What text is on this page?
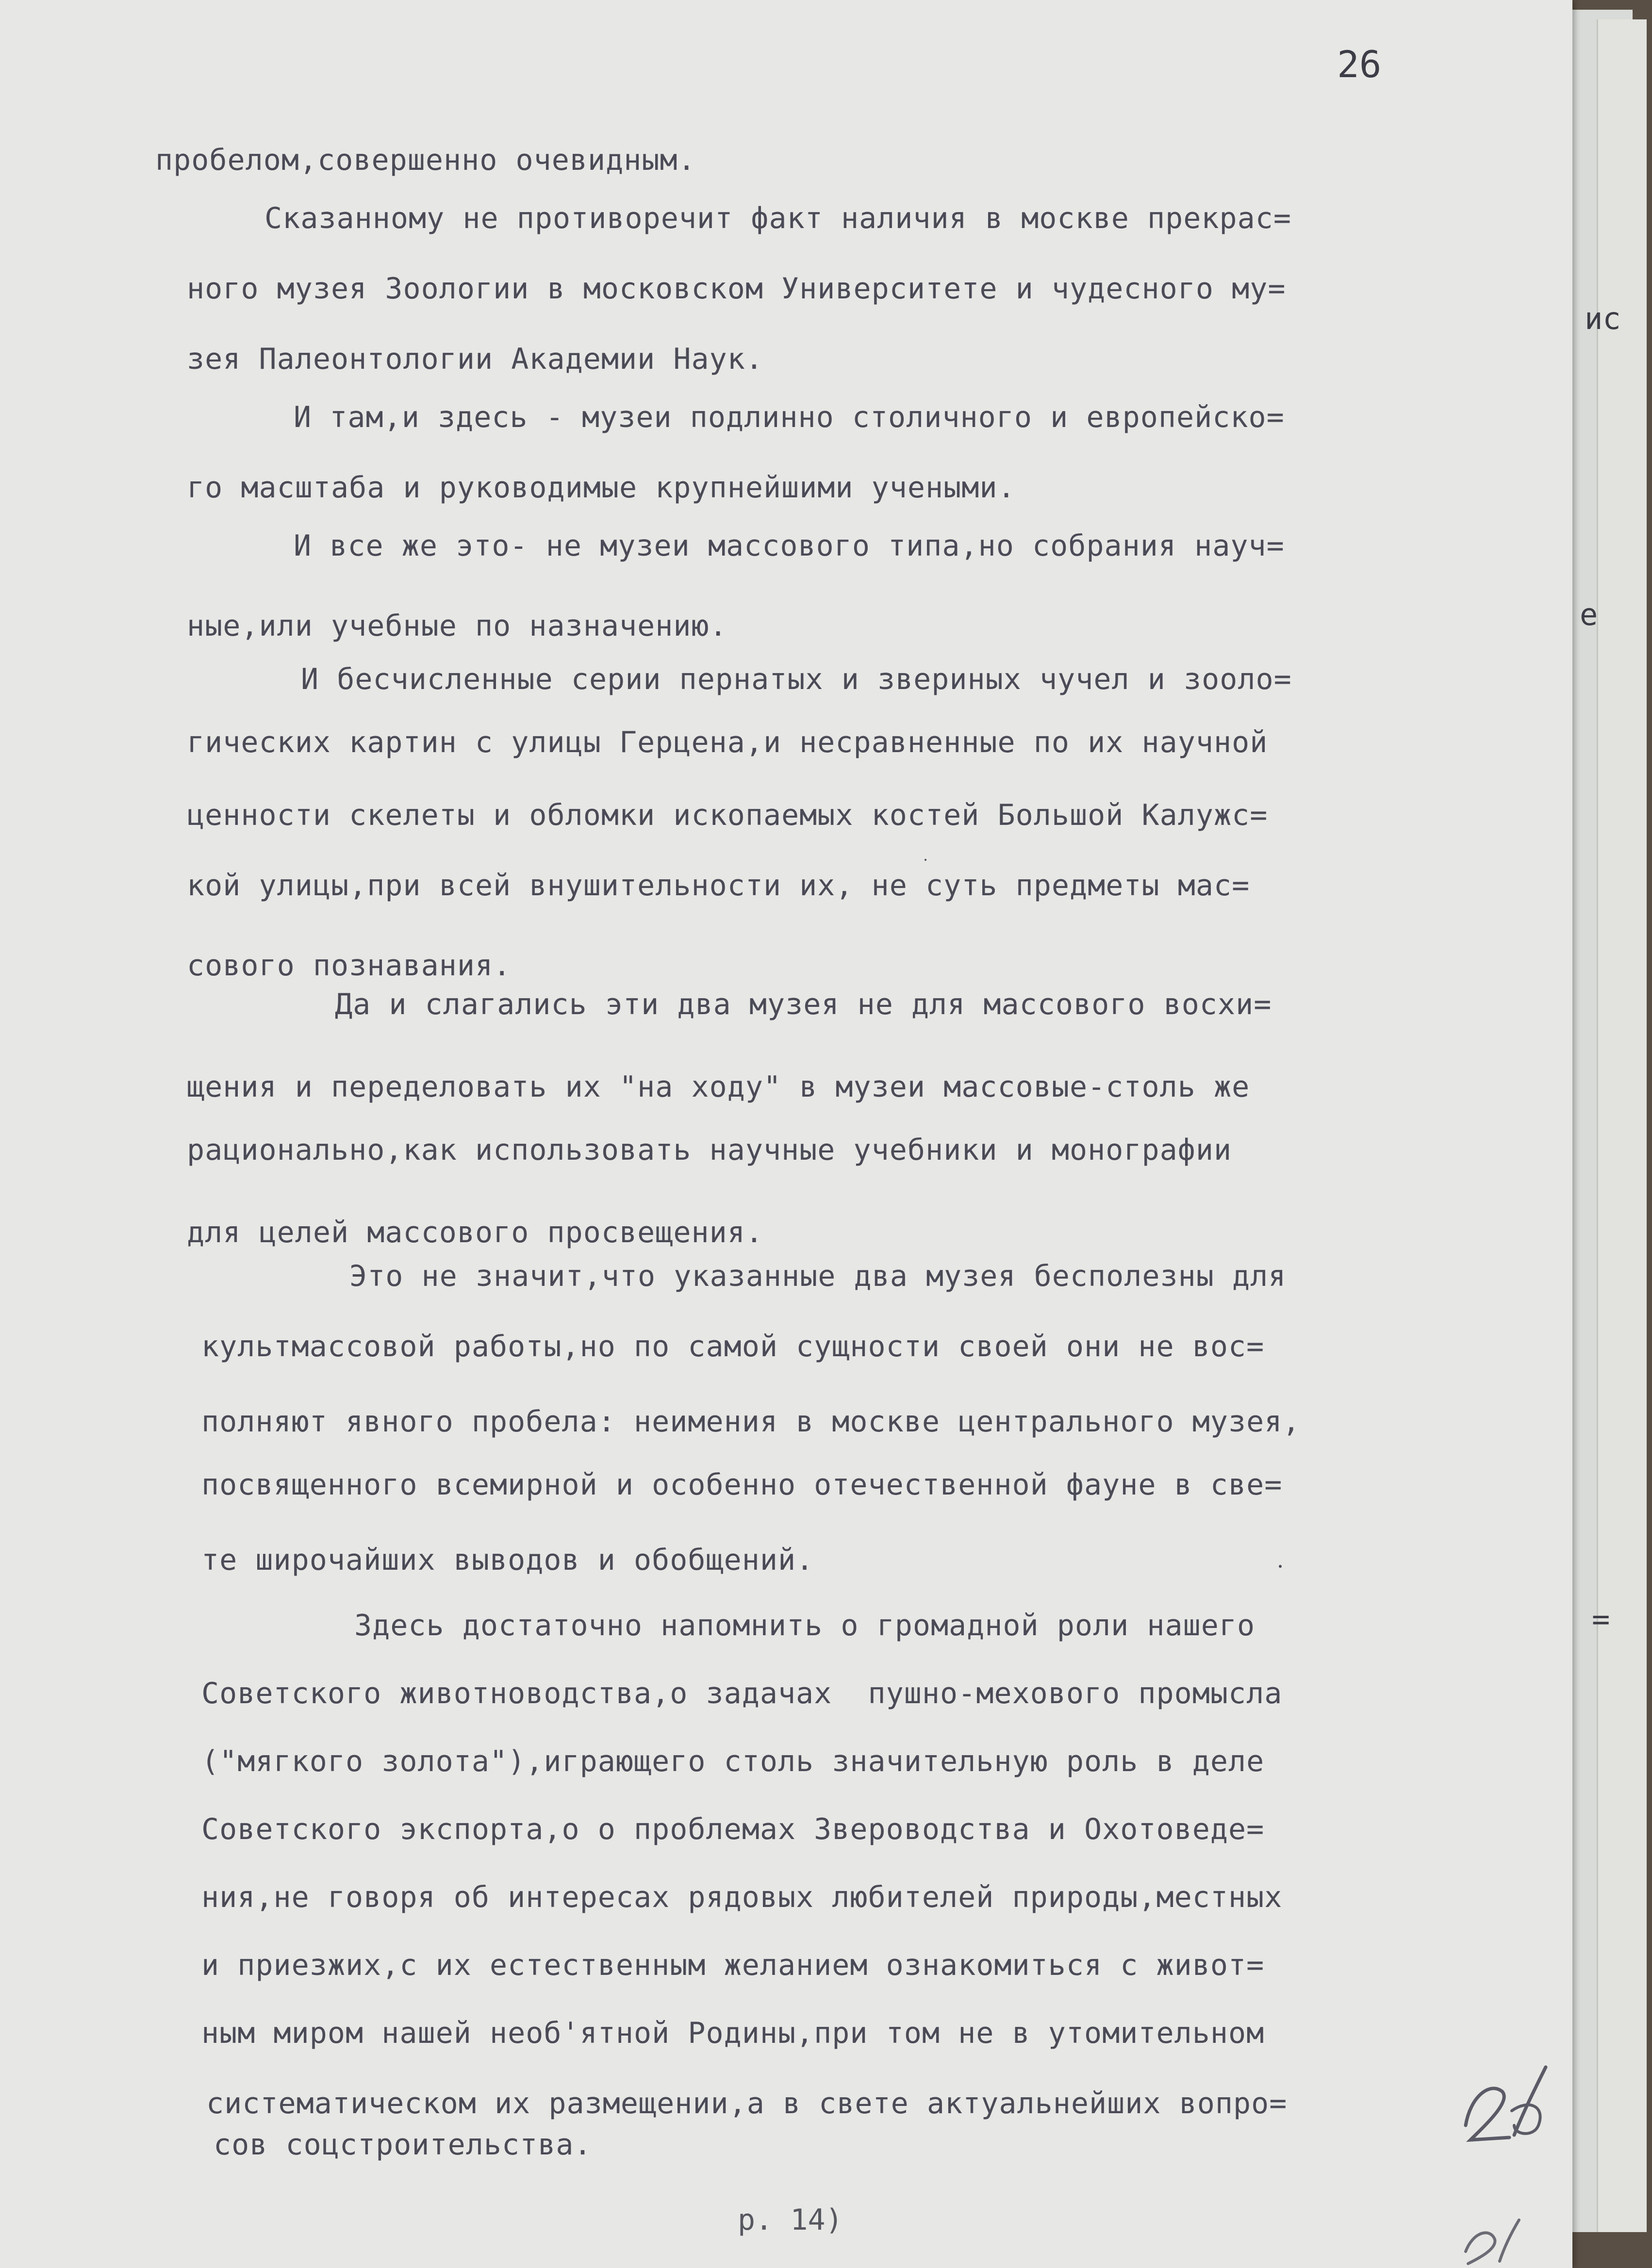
ис
е
=
26

пробелом,совершенно очевидным.

Сказанному не противоречит факт наличия в москве прекрас=

ного музея Зоологии в московском Университете и чудесного му=

зея Палеонтологии Академии Наук.

И там,и здесь - музеи подлинно столичного и европейско=

го масштаба и руководимые крупнейшими учеными.

И все же это- не музеи массового типа,но собрания науч=

ные,или учебные по назначению.

И бесчисленные серии пернатых и звериных чучел и зооло=

гических картин с улицы Герцена,и несравненные по их научной

ценности скелеты и обломки ископаемых костей Большой Калужс=

кой улицы,при всей внушительности их, не суть предметы мас=

сового познавания.

Да и слагались эти два музея не для массового восхи=

щения и переделовать их "на ходу" в музеи массовые-столь же

рационально,как использовать научные учебники и монографии

для целей массового просвещения.

Это не значит,что указанные два музея бесполезны для

культмассовой работы,но по самой сущности своей они не вос=

полняют явного пробела: неимения в москве центрального музея,

посвященного всемирной и особенно отечественной фауне в све=

те широчайших выводов и обобщений.

Здесь достаточно напомнить о громадной роли нашего

Советского животноводства,о задачах  пушно-мехового промысла

("мягкого золота"),играющего столь значительную роль в деле

Советского экспорта,о о проблемах Звероводства и Охотоведе=

ния,не говоря об интересах рядовых любителей природы,местных

и приезжих,с их естественным желанием ознакомиться с живот=

ным миром нашей необ'ятной Родины,при том не в утомительном

систематическом их размещении,а в свете актуальнейших вопро=

сов соцстроительства.

р. 14)
